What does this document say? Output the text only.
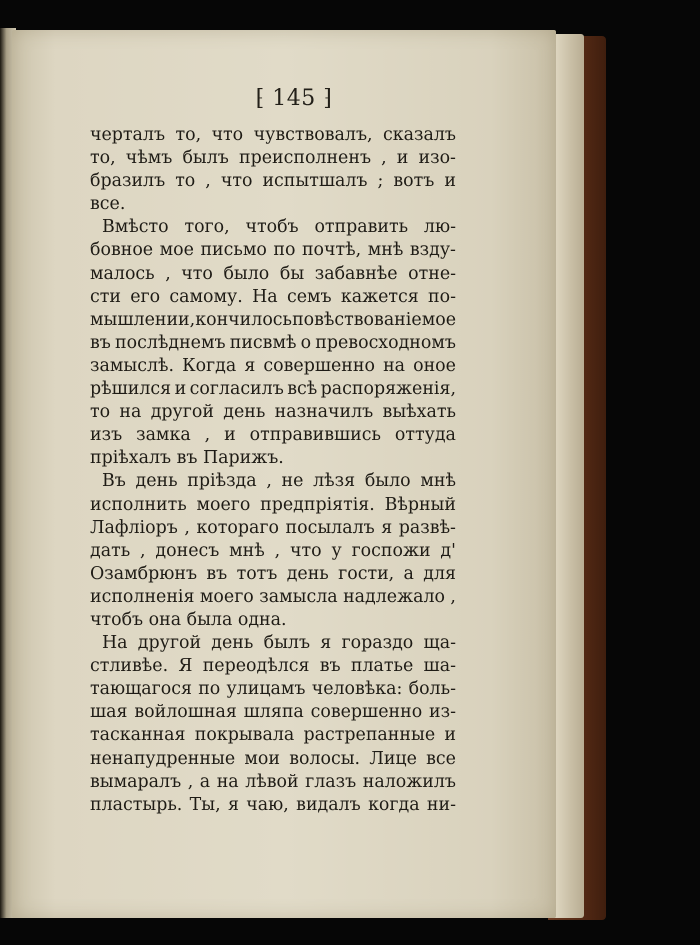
⁅ 145 ⁆
черталъ то, что чувствовалъ, сказалъ
то, чѣмъ былъ преисполненъ , и изо-
бразилъ то , что испытшалъ ; вотъ и
все.
Вмѣсто того, чтобъ отправить лю-
бовное мое письмо по почтѣ, мнѣ взду-
малось , что было бы забавнѣе отне-
сти его самому. На семъ кажется по-
мышлении, кончилось повѣствованіе мое
въ послѣднемъ писвмѣ о превосходномъ
замыслѣ. Когда я совершенно на оное
рѣшился и согласилъ всѣ распоряженія,
то на другой день назначилъ выѣхать
изъ замка , и отправившись оттуда
пріѣхалъ въ Парижъ.
Въ день пріѣзда , не лѣзя было мнѣ
исполнить моего предпріятія. Вѣрный
Лафліоръ , котораго посылалъ я развѣ-
дать , донесъ мнѣ , что у госпожи д'
Озамбрюнъ въ тотъ день гости, а для
исполненія моего замысла надлежало ,
чтобъ она была одна.
На другой день былъ я гораздо ща-
стливѣе. Я переодѣлся въ платье ша-
тающагося по улицамъ человѣка: боль-
шая войлошная шляпа совершенно из-
тасканная покрывала растрепанные и
ненапудренные мои волосы. Лице все
вымаралъ , а на лѣвой глазъ наложилъ
пластырь. Ты, я чаю, видалъ когда ни-
